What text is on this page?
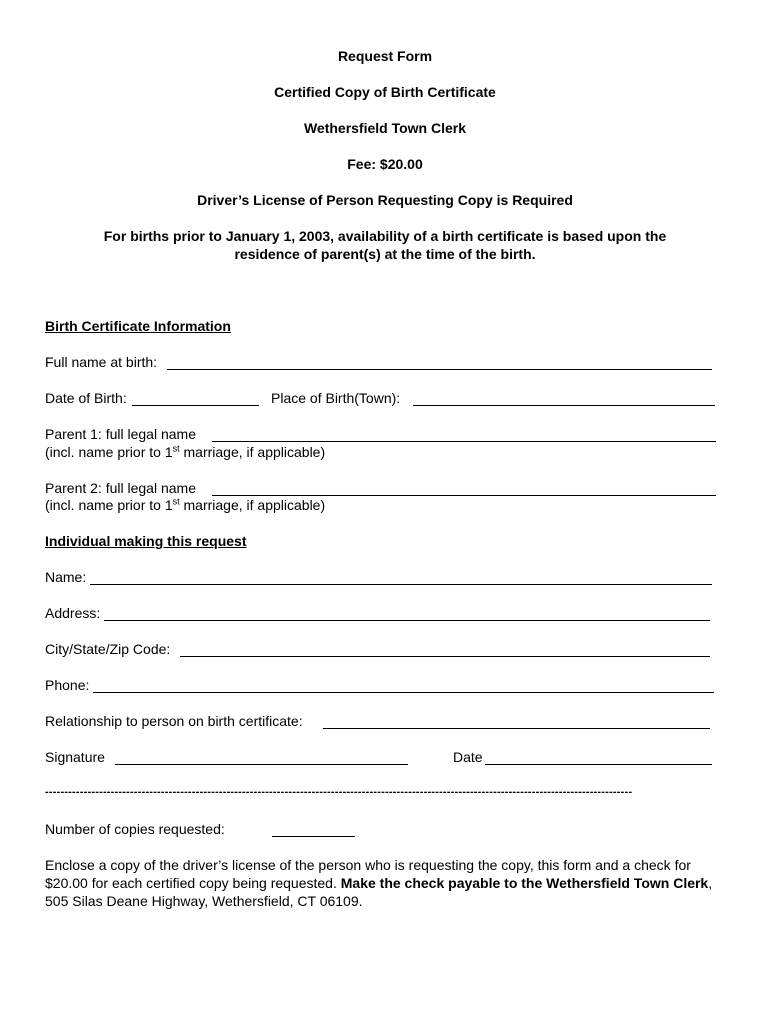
Request Form
Certified Copy of Birth Certificate
Wethersfield Town Clerk
Fee: $20.00
Driver’s License of Person Requesting Copy is Required
For births prior to January 1, 2003, availability of a birth certificate is based upon the
residence of parent(s) at the time of the birth.
Birth Certificate Information
Full name at birth:
Date of Birth:	Place of Birth(Town):
Parent 1: full legal name
(incl. name prior to 1st marriage, if applicable)
Parent 2: full legal name
(incl. name prior to 1st marriage, if applicable)
Individual making this request
Name:
Address:
City/State/Zip Code:
Phone:
Relationship to person on birth certificate:
Signature	Date
--------------------------------------------------------------------------------------------------------------------------------------------------------
Number of copies requested:
Enclose a copy of the driver’s license of the person who is requesting the copy, this form and a check for $20.00 for each certified copy being requested. Make the check payable to the Wethersfield Town Clerk, 505 Silas Deane Highway, Wethersfield, CT 06109.
